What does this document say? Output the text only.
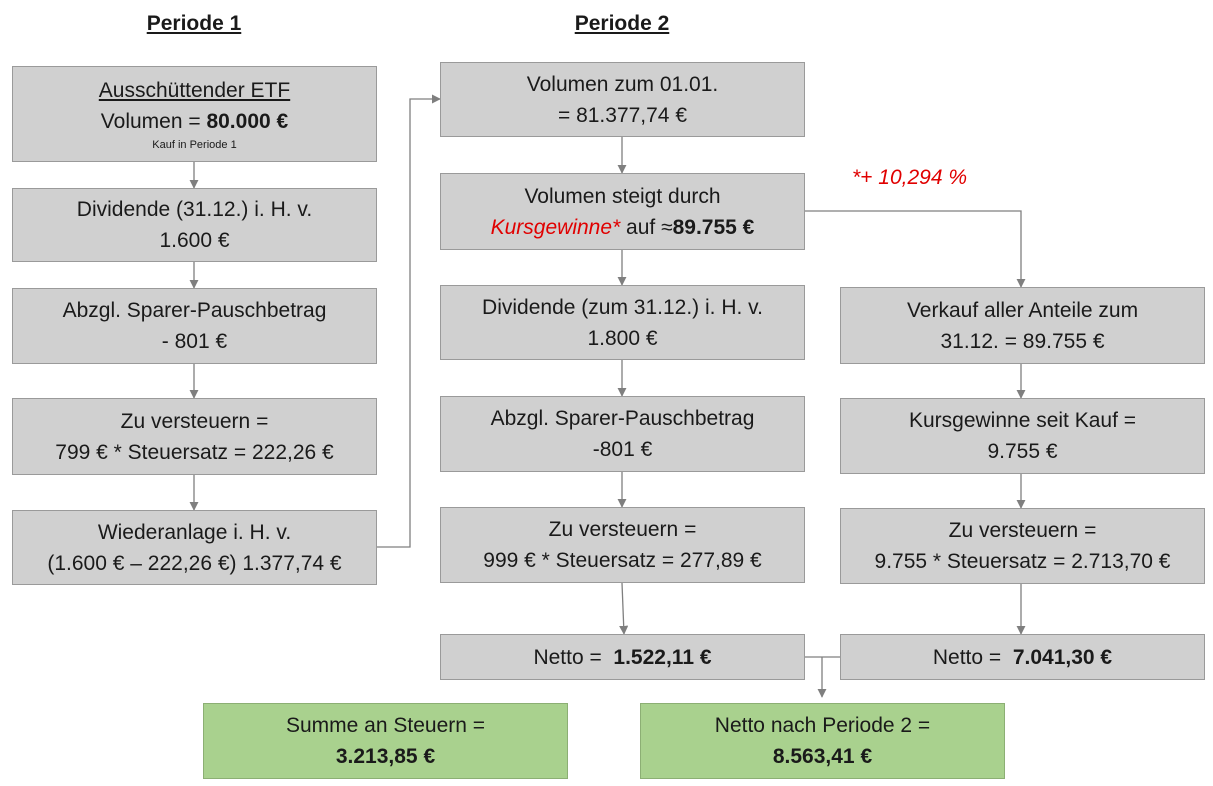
Periode 1	Periode 2
*+ 10,294 %
Ausschüttender ETF
Volumen = 80.000 €
Kauf in Periode 1
Dividende (31.12.) i. H. v.
1.600 €
Abzgl. Sparer-Pauschbetrag
- 801 €
Zu versteuern =
799 € * Steuersatz = 222,26 €
Wiederanlage i. H. v.
(1.600 € – 222,26 €) 1.377,74 €
Volumen zum 01.01.
= 81.377,74 €
Volumen steigt durch
Kursgewinne* auf ≈89.755 €
Dividende (zum 31.12.) i. H. v.
1.800 €
Abzgl. Sparer-Pauschbetrag
-801 €
Zu versteuern =
999 € * Steuersatz = 277,89 €
Netto =  1.522,11 €
Verkauf aller Anteile zum
31.12. = 89.755 €
Kursgewinne seit Kauf =
9.755 €
Zu versteuern =
9.755 * Steuersatz = 2.713,70 €
Netto =  7.041,30 €
Summe an Steuern =
3.213,85 €
Netto nach Periode 2 =
8.563,41 €
